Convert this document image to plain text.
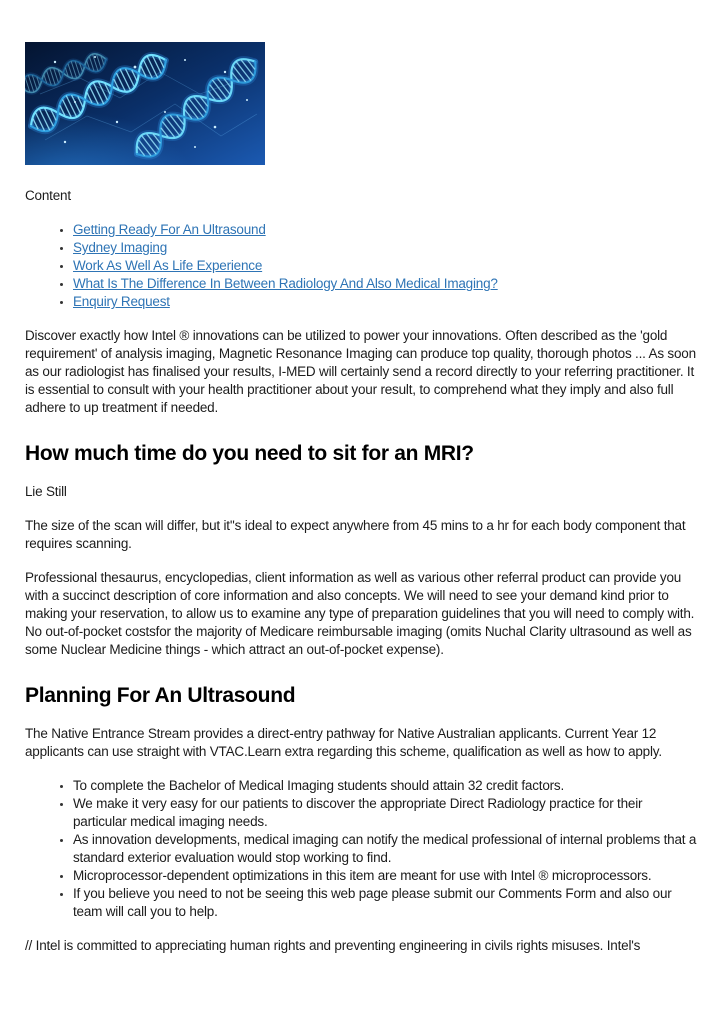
Content

• Getting Ready For An Ultrasound
• Sydney Imaging
• Work As Well As Life Experience
• What Is The Difference In Between Radiology And Also Medical Imaging?
• Enquiry Request

Discover exactly how Intel ® innovations can be utilized to power your innovations. Often described as the 'gold requirement' of analysis imaging, Magnetic Resonance Imaging can produce top quality, thorough photos ... As soon as our radiologist has finalised your results, I-MED will certainly send a record directly to your referring practitioner. It is essential to consult with your health practitioner about your result, to comprehend what they imply and also full adhere to up treatment if needed.

How much time do you need to sit for an MRI?

Lie Still

The size of the scan will differ, but it''s ideal to expect anywhere from 45 mins to a hr for each body component that requires scanning.

Professional thesaurus, encyclopedias, client information as well as various other referral product can provide you with a succinct description of core information and also concepts. We will need to see your demand kind prior to making your reservation, to allow us to examine any type of preparation guidelines that you will need to comply with. No out-of-pocket costsfor the majority of Medicare reimbursable imaging (omits Nuchal Clarity ultrasound as well as some Nuclear Medicine things - which attract an out-of-pocket expense).

Planning For An Ultrasound

The Native Entrance Stream provides a direct-entry pathway for Native Australian applicants. Current Year 12 applicants can use straight with VTAC.Learn extra regarding this scheme, qualification as well as how to apply.

• To complete the Bachelor of Medical Imaging students should attain 32 credit factors.
• We make it very easy for our patients to discover the appropriate Direct Radiology practice for their particular medical imaging needs.
• As innovation developments, medical imaging can notify the medical professional of internal problems that a standard exterior evaluation would stop working to find.
• Microprocessor-dependent optimizations in this item are meant for use with Intel ® microprocessors.
• If you believe you need to not be seeing this web page please submit our Comments Form and also our team will call you to help.

// Intel is committed to appreciating human rights and preventing engineering in civils rights misuses. Intel's
